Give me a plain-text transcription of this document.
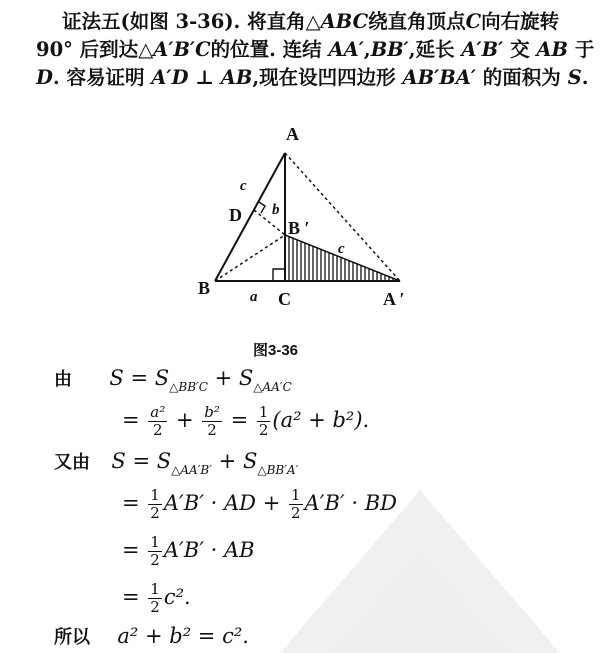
证法五(如图 3-36). 将直角△ABC绕直角顶点C向右旋转 90° 后到达△A′B′C的位置. 连结 AA′,BB′,延长 A′B′ 交 AB 于 D. 容易证明 A′D ⊥ AB,现在设凹四边形 AB′BA′ 的面积为 S.
A
B
C
D
A ′
B ′
a
b
c
c
图3-36
由 $S = S_{\triangle BB'C} + S_{\triangle AA'C}$
= $\frac{\text{a²}}{2} + \frac{\text{b²}}{2} = \frac{1}{2} (a^2 + b^2)$.
又由 $S = S_{\triangle AA'B'} + S_{\triangle BB'A'}$
= $\frac{1}{2} A'B'$ · AD + $\frac{1}{2} A'B'$ · BD
= $\frac{1}{2} A'B'$ · AB
= $\frac{1}{2} c^2$.
所以 a² + b² = c².
